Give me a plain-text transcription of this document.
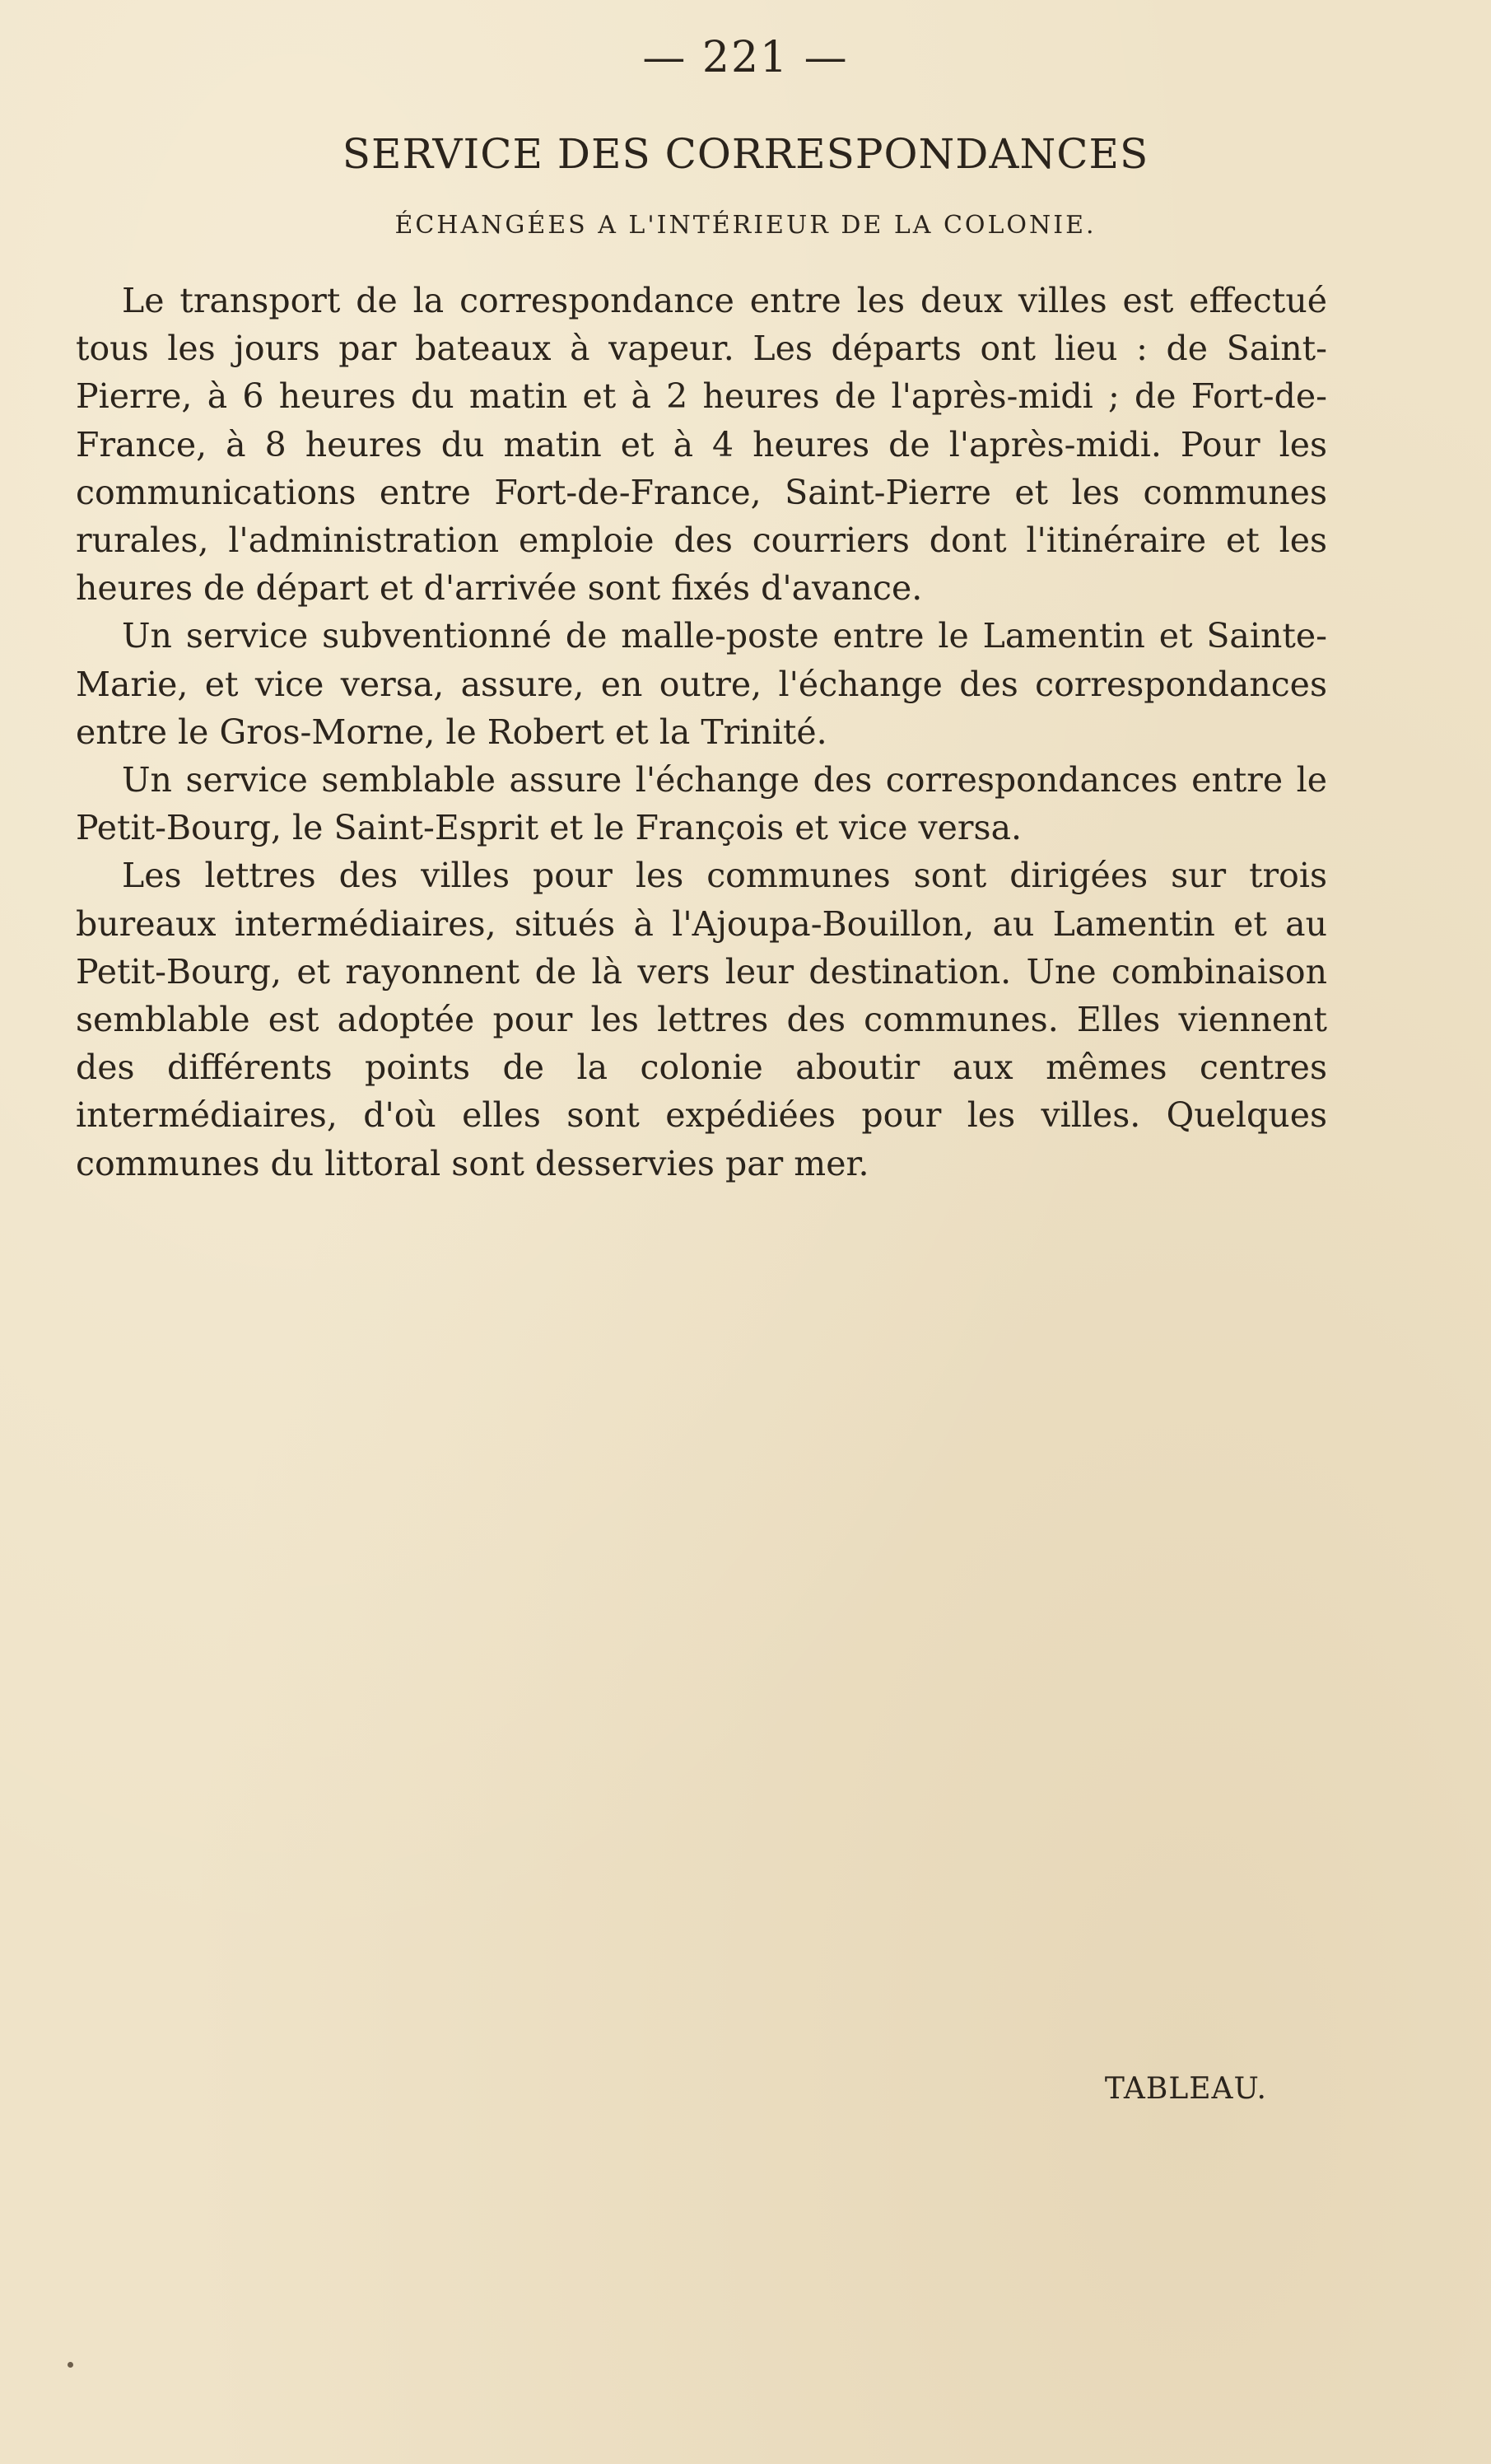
— 221 —
SERVICE DES CORRESPONDANCES
ÉCHANGÉES A L'INTÉRIEUR DE LA COLONIE.

Le transport de la correspondance entre les deux villes est effectué tous les jours par bateaux à vapeur. Les départs ont lieu : de Saint-Pierre, à 6 heures du matin et à 2 heures de l'après-midi ; de Fort-de-France, à 8 heures du matin et à 4 heures de l'après-midi. Pour les communications entre Fort-de-France, Saint-Pierre et les communes rurales, l'administration emploie des courriers dont l'itinéraire et les heures de départ et d'arrivée sont fixés d'avance.

Un service subventionné de malle-poste entre le Lamentin et Sainte-Marie, et vice versa, assure, en outre, l'échange des correspondances entre le Gros-Morne, le Robert et la Trinité.

Un service semblable assure l'échange des correspondances entre le Petit-Bourg, le Saint-Esprit et le François et vice versa.

Les lettres des villes pour les communes sont dirigées sur trois bureaux intermédiaires, situés à l'Ajoupa-Bouillon, au Lamentin et au Petit-Bourg, et rayonnent de là vers leur destination. Une combinaison semblable est adoptée pour les lettres des communes. Elles viennent des différents points de la colonie aboutir aux mêmes centres intermédiaires, d'où elles sont expédiées pour les villes. Quelques communes du littoral sont desservies par mer.

TABLEAU.
